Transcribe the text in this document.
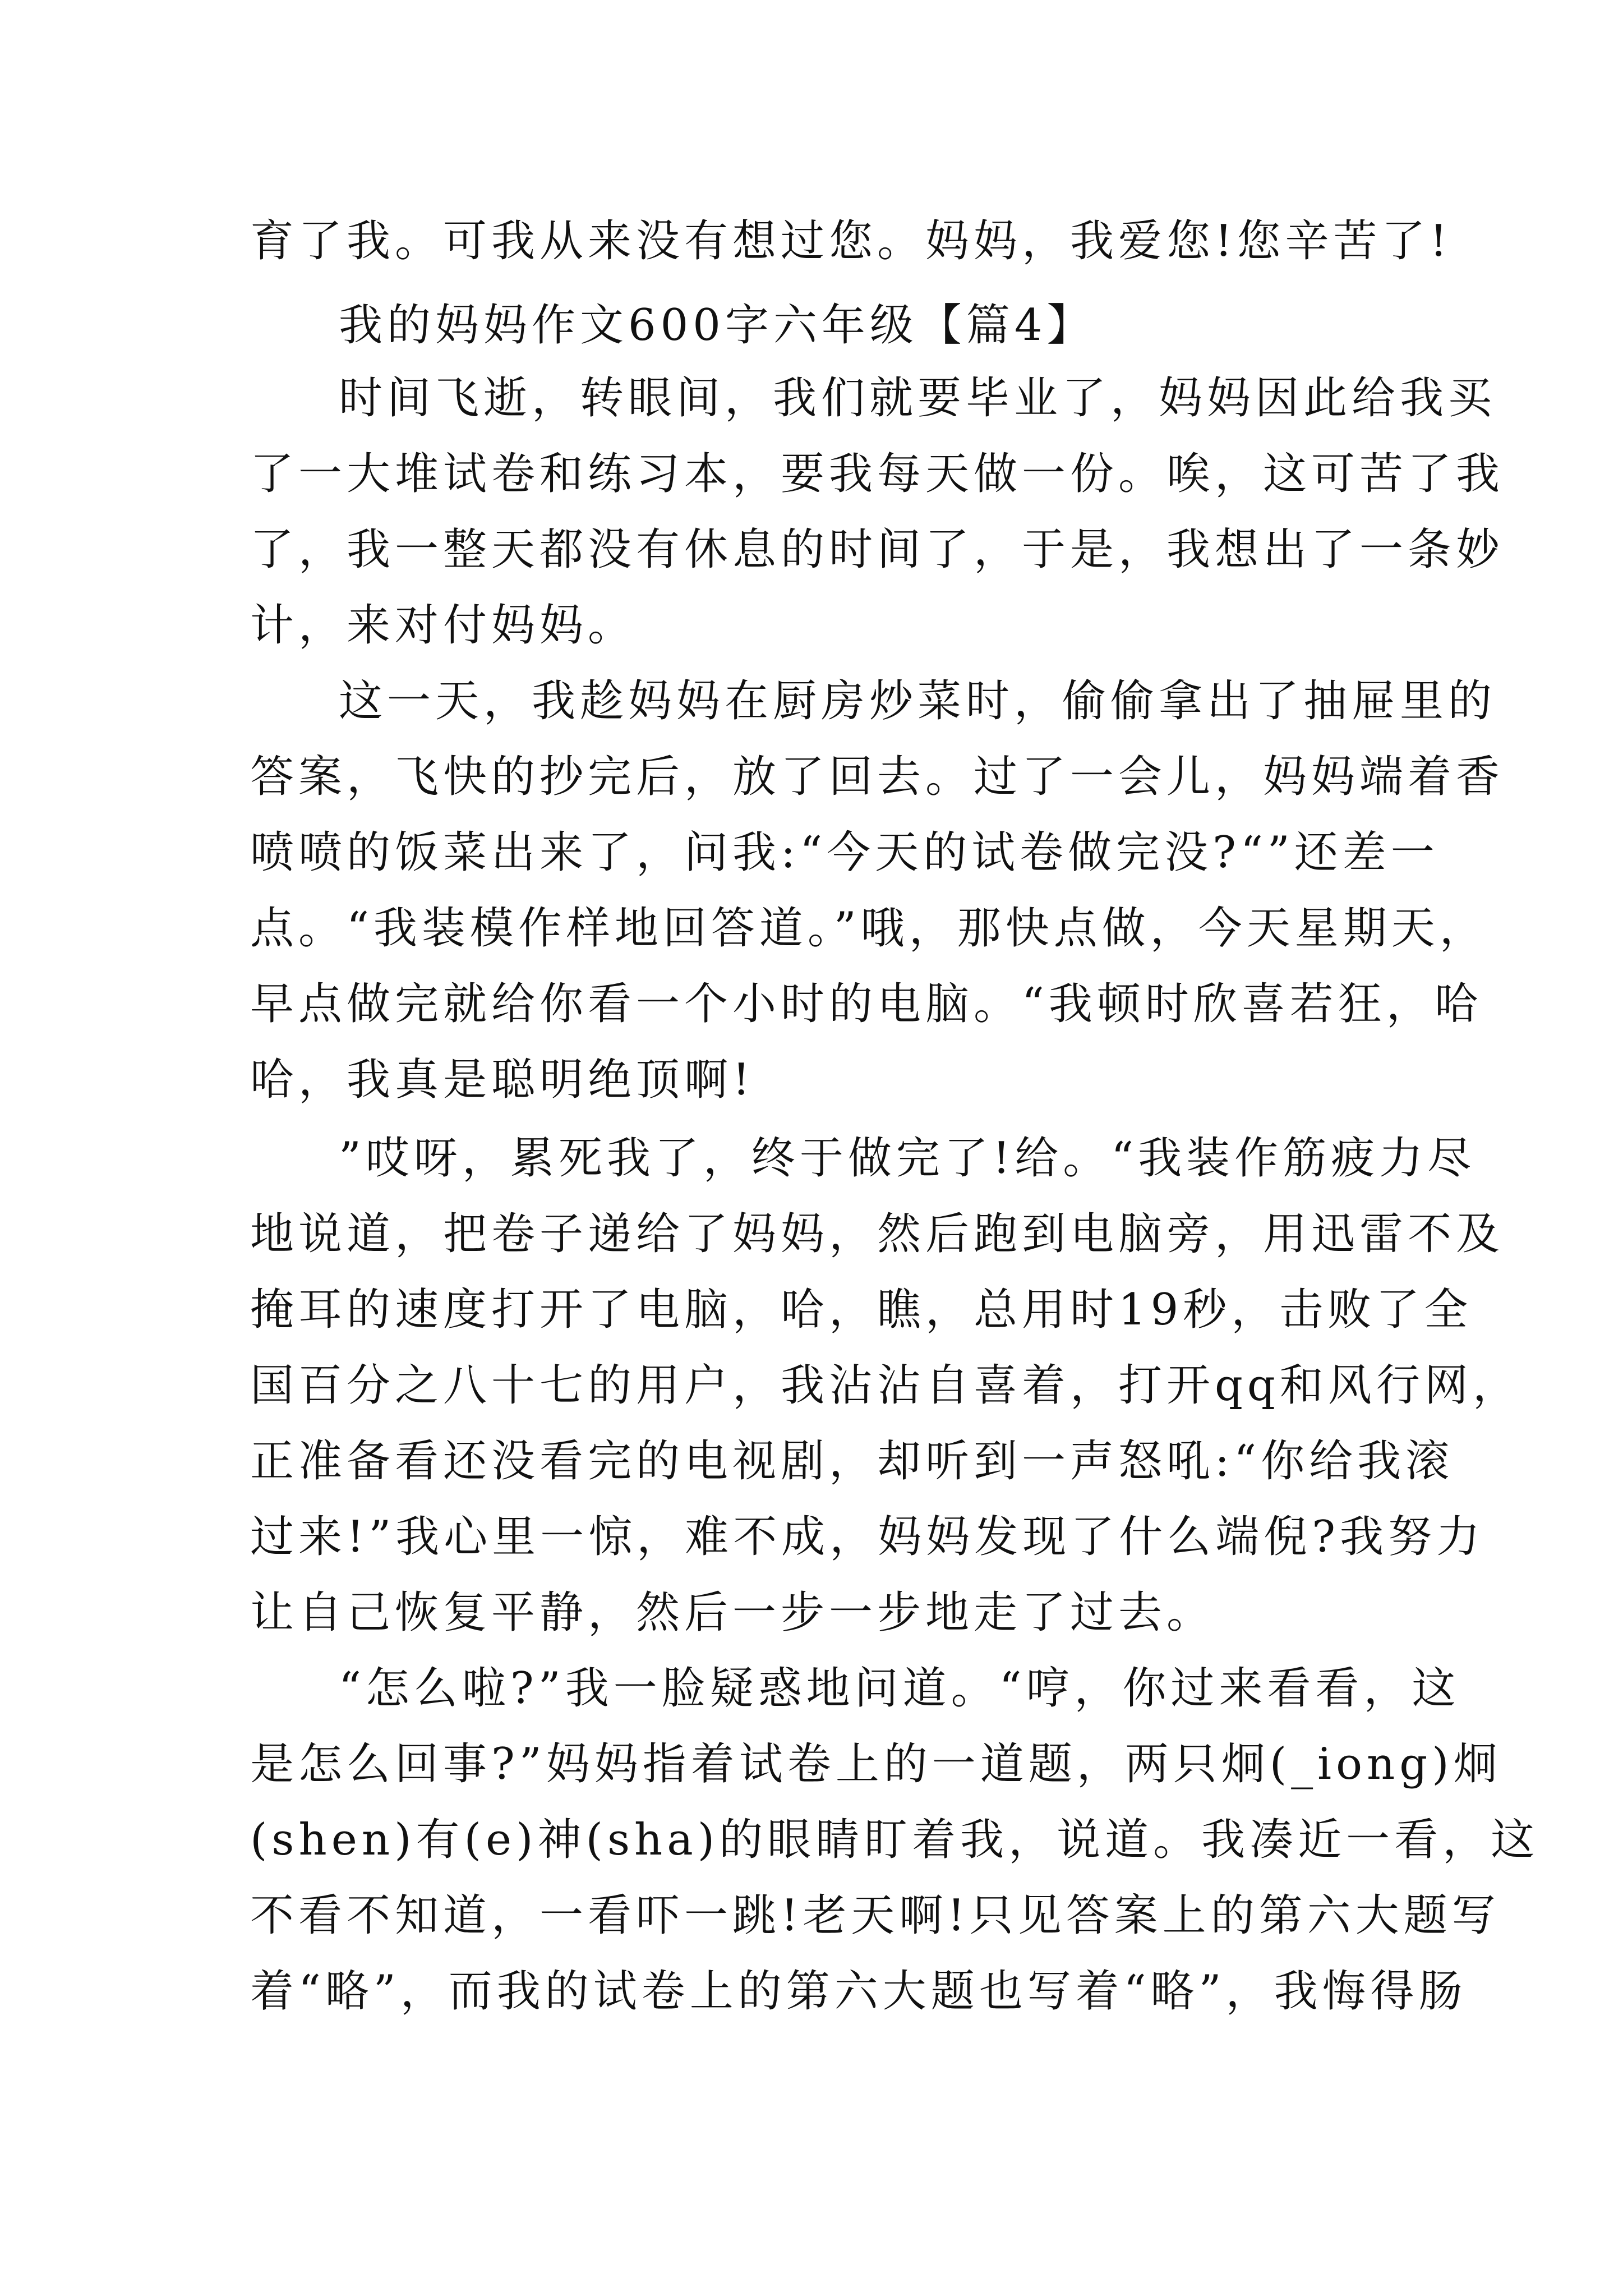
育了我。可我从来没有想过您。妈妈，我爱您!您辛苦了!
我的妈妈作文600字六年级【篇4】
时间飞逝，转眼间，我们就要毕业了，妈妈因此给我买
了一大堆试卷和练习本，要我每天做一份。唉，这可苦了我
了，我一整天都没有休息的时间了，于是，我想出了一条妙
计，来对付妈妈。
这一天，我趁妈妈在厨房炒菜时，偷偷拿出了抽屉里的
答案，飞快的抄完后，放了回去。过了一会儿，妈妈端着香
喷喷的饭菜出来了，问我:“今天的试卷做完没?“”还差一
点。“我装模作样地回答道。”哦，那快点做，今天星期天，
早点做完就给你看一个小时的电脑。“我顿时欣喜若狂，哈
哈，我真是聪明绝顶啊!
”哎呀，累死我了，终于做完了!给。“我装作筋疲力尽
地说道，把卷子递给了妈妈，然后跑到电脑旁，用迅雷不及
掩耳的速度打开了电脑，哈，瞧，总用时19秒，击败了全
国百分之八十七的用户，我沾沾自喜着，打开qq和风行网，
正准备看还没看完的电视剧，却听到一声怒吼:“你给我滚
过来!”我心里一惊，难不成，妈妈发现了什么端倪?我努力
让自己恢复平静，然后一步一步地走了过去。
“怎么啦?”我一脸疑惑地问道。“哼，你过来看看，这
是怎么回事?”妈妈指着试卷上的一道题，两只炯(_iong)炯
(shen)有(e)神(sha)的眼睛盯着我，说道。我凑近一看，这
不看不知道，一看吓一跳!老天啊!只见答案上的第六大题写
着“略”，而我的试卷上的第六大题也写着“略”，我悔得肠
